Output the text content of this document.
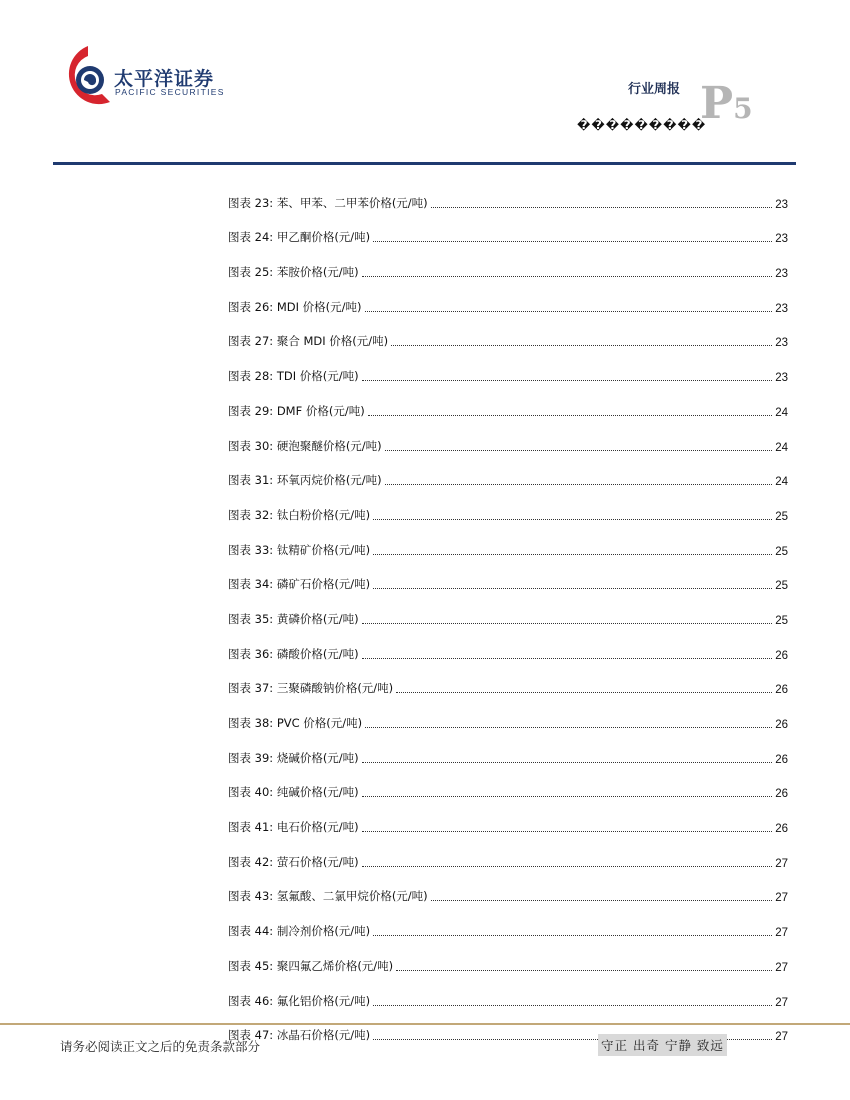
太平洋证券
PACIFIC SECURITIES	行业周报
���������
P5
图表 23: 苯、甲苯、二甲苯价格(元/吨)	23
图表 24: 甲乙酮价格(元/吨)	23
图表 25: 苯胺价格(元/吨)	23
图表 26: MDI 价格(元/吨)	23
图表 27: 聚合 MDI 价格(元/吨)	23
图表 28: TDI 价格(元/吨)	23
图表 29: DMF 价格(元/吨)	24
图表 30: 硬泡聚醚价格(元/吨)	24
图表 31: 环氧丙烷价格(元/吨)	24
图表 32: 钛白粉价格(元/吨)	25
图表 33: 钛精矿价格(元/吨)	25
图表 34: 磷矿石价格(元/吨)	25
图表 35: 黄磷价格(元/吨)	25
图表 36: 磷酸价格(元/吨)	26
图表 37: 三聚磷酸钠价格(元/吨)	26
图表 38: PVC 价格(元/吨)	26
图表 39: 烧碱价格(元/吨)	26
图表 40: 纯碱价格(元/吨)	26
图表 41: 电石价格(元/吨)	26
图表 42: 萤石价格(元/吨)	27
图表 43: 氢氟酸、二氯甲烷价格(元/吨)	27
图表 44: 制冷剂价格(元/吨)	27
图表 45: 聚四氟乙烯价格(元/吨)	27
图表 46: 氟化铝价格(元/吨)	27
图表 47: 冰晶石价格(元/吨)	27
请务必阅读正文之后的免责条款部分	守正 出奇 宁静 致远
